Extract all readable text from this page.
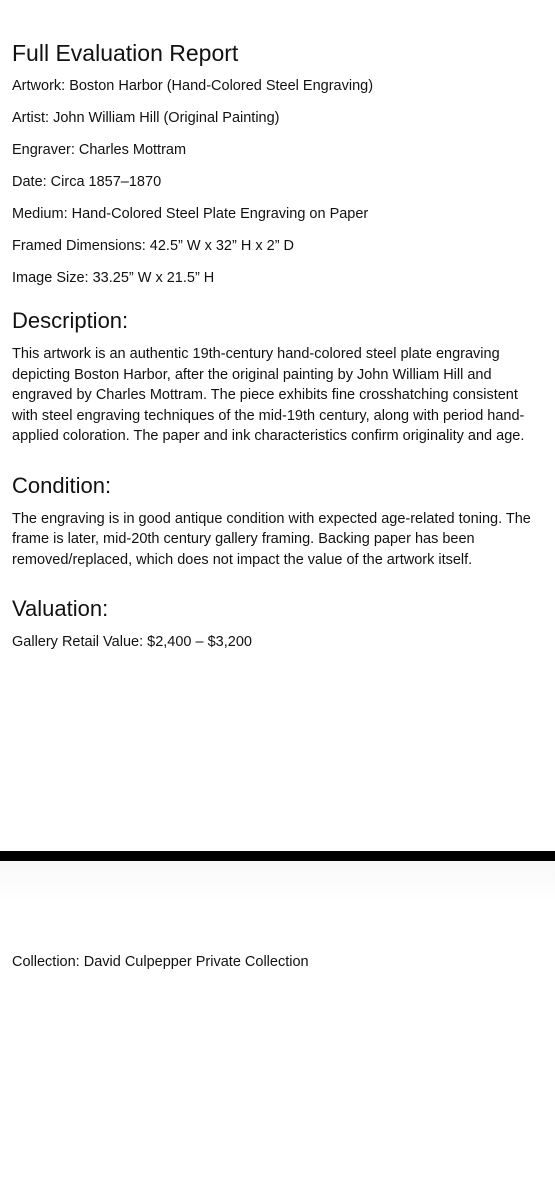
Full Evaluation Report
Artwork: Boston Harbor (Hand-Colored Steel Engraving)
Artist: John William Hill (Original Painting)
Engraver: Charles Mottram
Date: Circa 1857–1870
Medium: Hand-Colored Steel Plate Engraving on Paper
Framed Dimensions: 42.5” W x 32” H x 2” D
Image Size: 33.25” W x 21.5” H
Description:

This artwork is an authentic 19th-century hand-colored steel plate engraving depicting Boston Harbor, after the original painting by John William Hill and engraved by Charles Mottram. The piece exhibits fine crosshatching consistent with steel engraving techniques of the mid-19th century, along with period hand-applied coloration. The paper and ink characteristics confirm originality and age.

Condition:

The engraving is in good antique condition with expected age-related toning. The frame is later, mid-20th century gallery framing. Backing paper has been removed/replaced, which does not impact the value of the artwork itself.

Valuation:
Gallery Retail Value: $2,400 – $3,200
Collection: David Culpepper Private Collection
